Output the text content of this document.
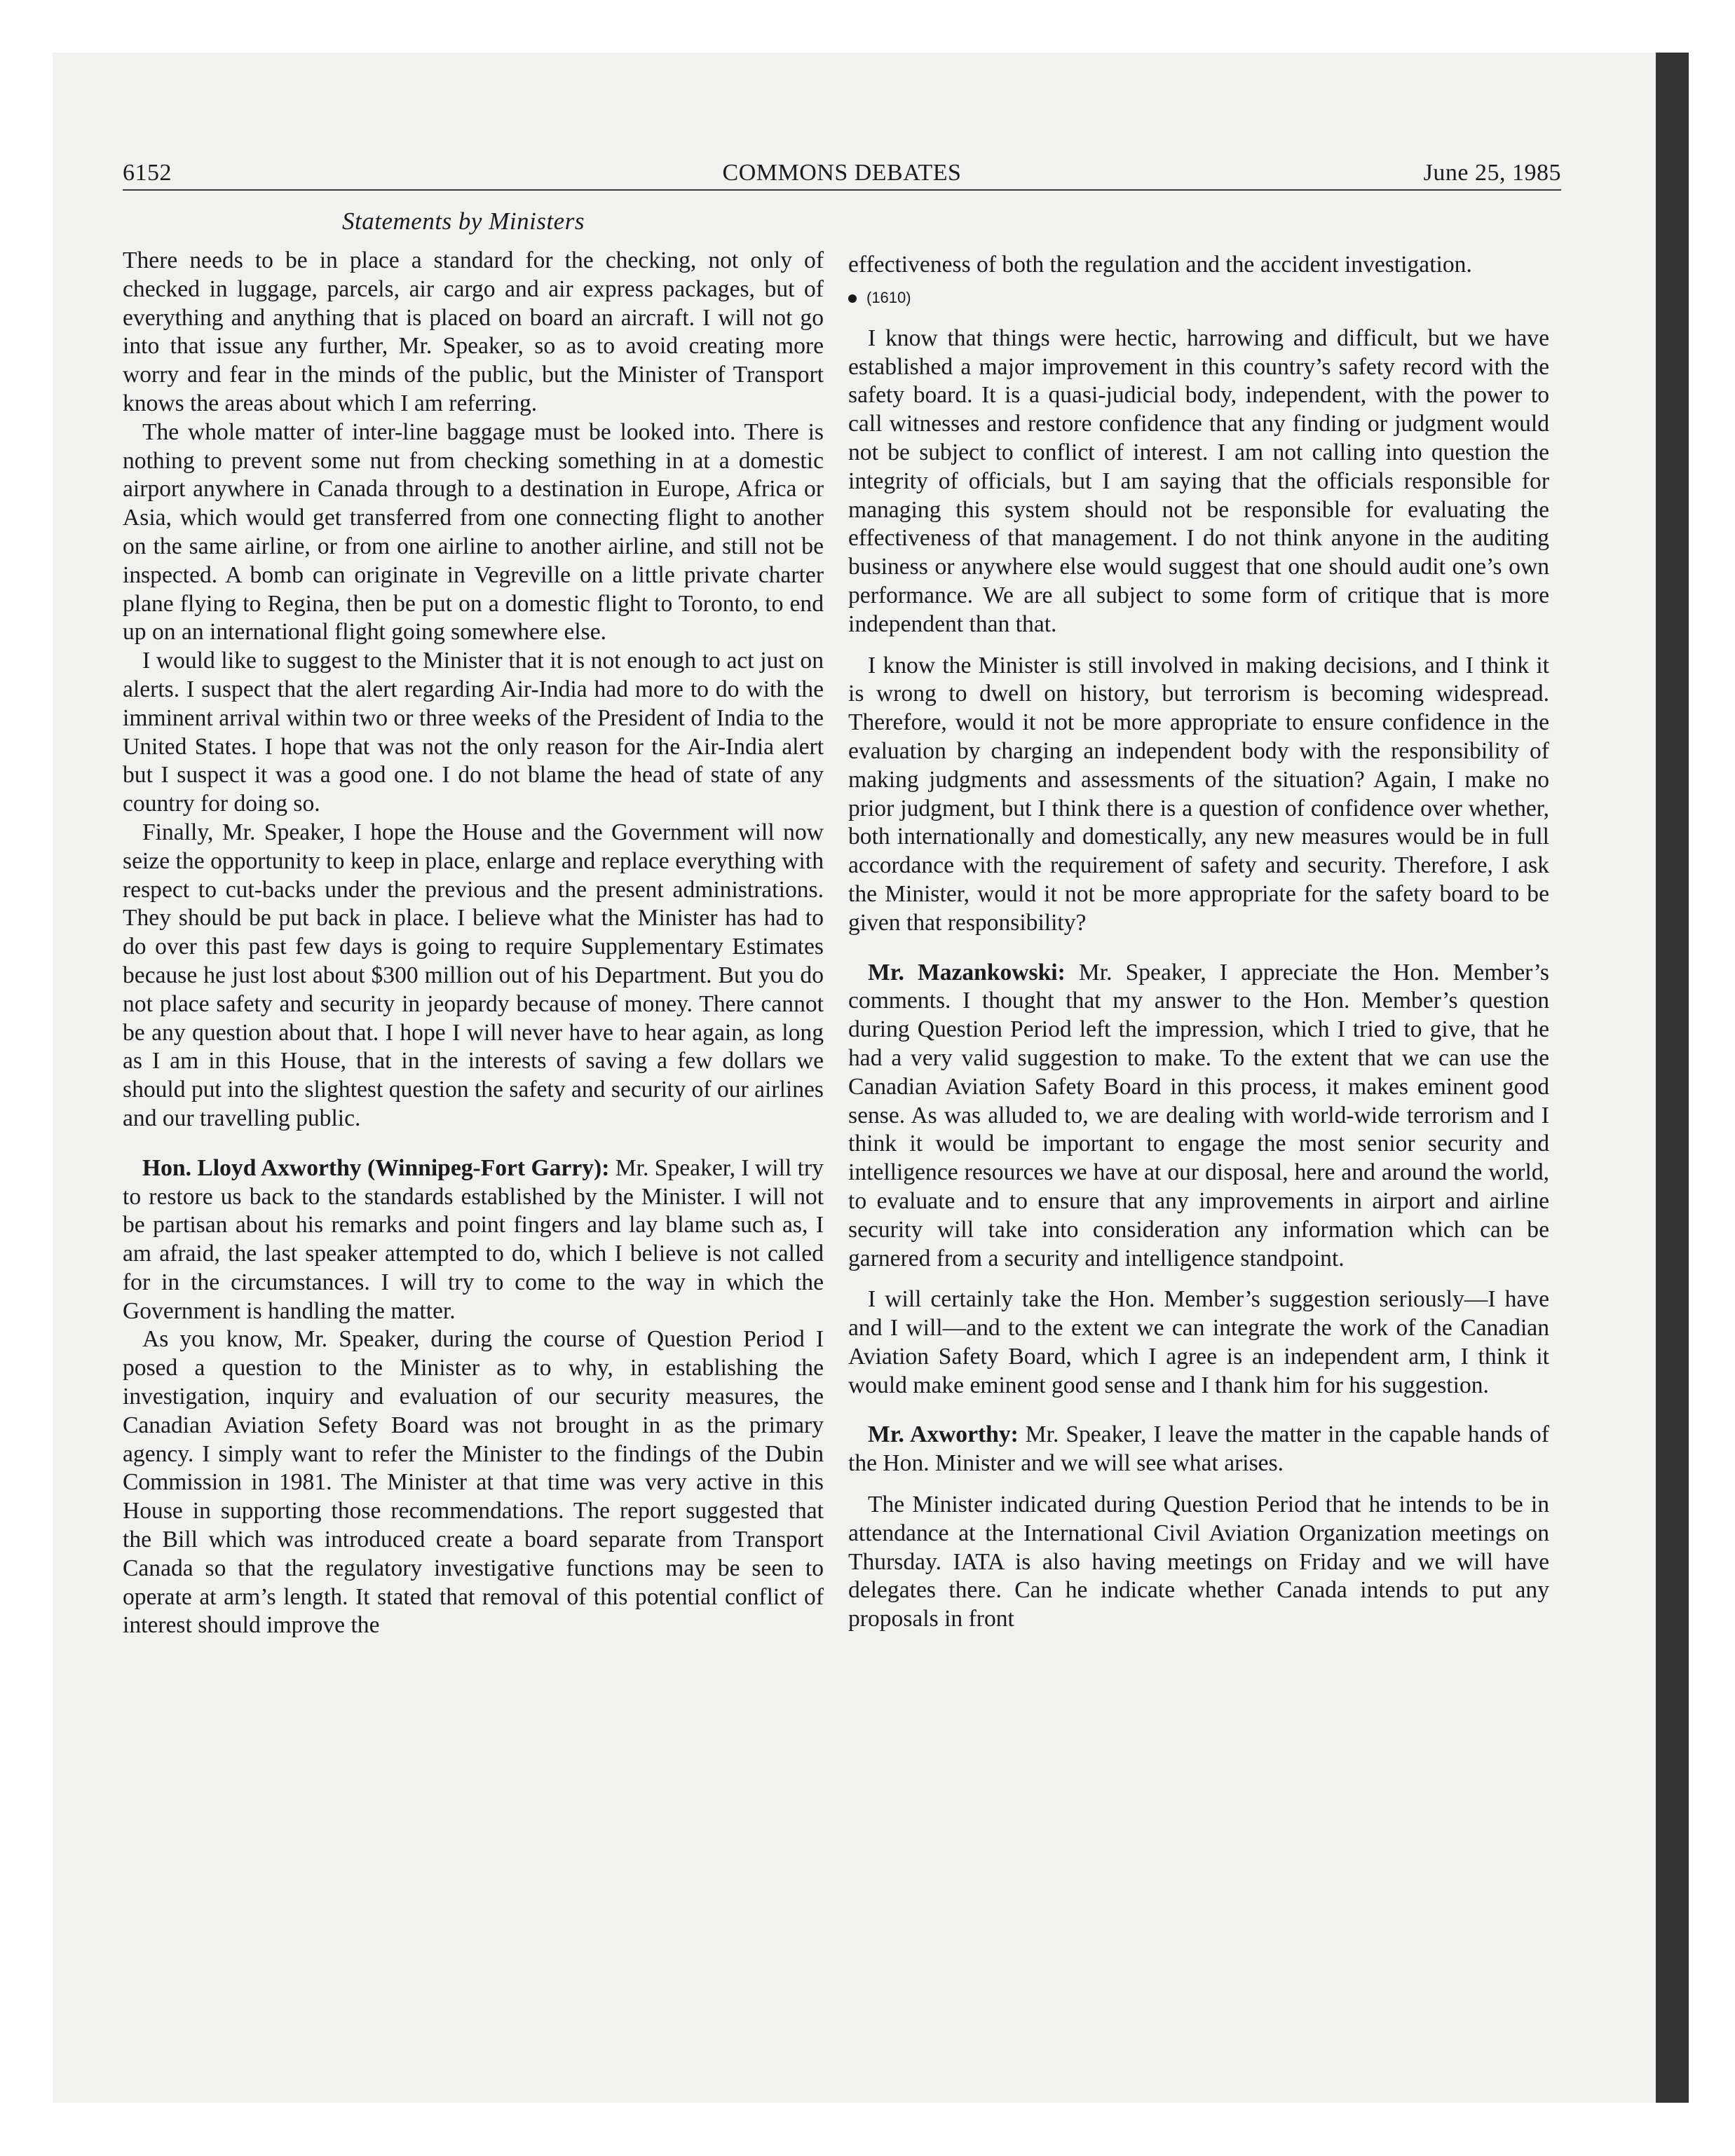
COMMONS DEBATES
6152	June 25, 1985
Statements by Ministers

There needs to be in place a standard for the checking, not only of checked in luggage, parcels, air cargo and air express packages, but of everything and anything that is placed on board an aircraft. I will not go into that issue any further, Mr. Speaker, so as to avoid creating more worry and fear in the minds of the public, but the Minister of Transport knows the areas about which I am referring.

The whole matter of inter-line baggage must be looked into. There is nothing to prevent some nut from checking something in at a domestic airport anywhere in Canada through to a destination in Europe, Africa or Asia, which would get transferred from one connecting flight to another on the same airline, or from one airline to another airline, and still not be inspected. A bomb can originate in Vegreville on a little private charter plane flying to Regina, then be put on a domestic flight to Toronto, to end up on an international flight going somewhere else.

I would like to suggest to the Minister that it is not enough to act just on alerts. I suspect that the alert regarding Air-India had more to do with the imminent arrival within two or three weeks of the President of India to the United States. I hope that was not the only reason for the Air-India alert but I suspect it was a good one. I do not blame the head of state of any country for doing so.

Finally, Mr. Speaker, I hope the House and the Government will now seize the opportunity to keep in place, enlarge and replace everything with respect to cut-backs under the previous and the present administrations. They should be put back in place. I believe what the Minister has had to do over this past few days is going to require Supplementary Estimates because he just lost about $300 million out of his Department. But you do not place safety and security in jeopardy because of money. There cannot be any question about that. I hope I will never have to hear again, as long as I am in this House, that in the interests of saving a few dollars we should put into the slightest question the safety and security of our airlines and our travelling public.

Hon. Lloyd Axworthy (Winnipeg-Fort Garry): Mr. Speaker, I will try to restore us back to the standards established by the Minister. I will not be partisan about his remarks and point fingers and lay blame such as, I am afraid, the last speaker attempted to do, which I believe is not called for in the circumstances. I will try to come to the way in which the Government is handling the matter.

As you know, Mr. Speaker, during the course of Question Period I posed a question to the Minister as to why, in establishing the investigation, inquiry and evaluation of our security measures, the Canadian Aviation Sefety Board was not brought in as the primary agency. I simply want to refer the Minister to the findings of the Dubin Commission in 1981. The Minister at that time was very active in this House in supporting those recommendations. The report suggested that the Bill which was introduced create a board separate from Transport Canada so that the regulatory investigative functions may be seen to operate at arm’s length. It stated that removal of this potential conflict of interest should improve the

effectiveness of both the regulation and the accident investigation.

(1610)

I know that things were hectic, harrowing and difficult, but we have established a major improvement in this country’s safety record with the safety board. It is a quasi-judicial body, independent, with the power to call witnesses and restore confidence that any finding or judgment would not be subject to conflict of interest. I am not calling into question the integrity of officials, but I am saying that the officials responsible for managing this system should not be responsible for evaluating the effectiveness of that management. I do not think anyone in the auditing business or anywhere else would suggest that one should audit one’s own performance. We are all subject to some form of critique that is more independent than that.

I know the Minister is still involved in making decisions, and I think it is wrong to dwell on history, but terrorism is becoming widespread. Therefore, would it not be more appropriate to ensure confidence in the evaluation by charging an independent body with the responsibility of making judgments and assessments of the situation? Again, I make no prior judgment, but I think there is a question of confidence over whether, both internationally and domestically, any new measures would be in full accordance with the requirement of safety and security. Therefore, I ask the Minister, would it not be more appropriate for the safety board to be given that responsibility?

Mr. Mazankowski: Mr. Speaker, I appreciate the Hon. Member’s comments. I thought that my answer to the Hon. Member’s question during Question Period left the impression, which I tried to give, that he had a very valid suggestion to make. To the extent that we can use the Canadian Aviation Safety Board in this process, it makes eminent good sense. As was alluded to, we are dealing with world-wide terrorism and I think it would be important to engage the most senior security and intelligence resources we have at our disposal, here and around the world, to evaluate and to ensure that any improvements in airport and airline security will take into consideration any information which can be garnered from a security and intelligence standpoint.

I will certainly take the Hon. Member’s suggestion seriously—I have and I will—and to the extent we can integrate the work of the Canadian Aviation Safety Board, which I agree is an independent arm, I think it would make eminent good sense and I thank him for his suggestion.

Mr. Axworthy: Mr. Speaker, I leave the matter in the capable hands of the Hon. Minister and we will see what arises.

The Minister indicated during Question Period that he intends to be in attendance at the International Civil Aviation Organization meetings on Thursday. IATA is also having meetings on Friday and we will have delegates there. Can he indicate whether Canada intends to put any proposals in front
